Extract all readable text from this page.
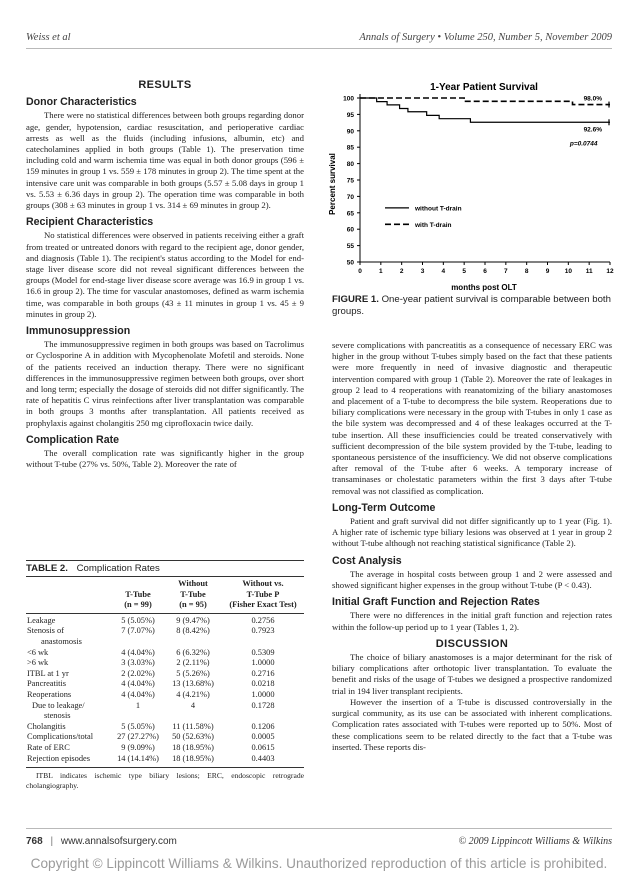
Weiss et al	Annals of Surgery • Volume 250, Number 5, November 2009
RESULTS
Donor Characteristics

There were no statistical differences between both groups regarding donor age, gender, hypotension, cardiac resuscitation, and perioperative cardiac arrests as well as the fluids (including infusions, albumin, etc) and catecholamines applied in both groups (Table 1). The preservation time including cold and warm ischemia time was equal in both donor groups (596 ± 159 minutes in group 1 vs. 559 ± 178 minutes in group 2). The time spent at the intensive care unit was comparable in both groups (5.57 ± 5.08 days in group 1 vs. 5.53 ± 6.36 days in group 2). The operation time was comparable in both groups (308 ± 63 minutes in group 1 vs. 314 ± 69 minutes in group 2).

Recipient Characteristics

No statistical differences were observed in patients receiving either a graft from treated or untreated donors with regard to the recipient age, donor gender, and diagnosis (Table 1). The recipient's status according to the Model for end-stage liver disease score did not reveal significant differences between the groups (Model for end-stage liver disease score average was 16.9 in group 1 vs. 16.6 in group 2). The time for vascular anastomoses, defined as warm ischemia time, was comparable in both groups (43 ± 11 minutes in group 1 vs. 45 ± 9 minutes in group 2).

Immunosuppression

The immunosuppressive regimen in both groups was based on Tacrolimus or Cyclosporine A in addition with Mycophenolate Mofetil and steroids. None of the patients received an induction therapy. There were no significant differences in the immunosuppressive regimen between both groups, over short and long term; especially the dosage of steroids did not differ significantly. The rate of hepatitis C virus reinfections after liver transplantation was comparable in both groups 3 months after transplantation. All patients received as prophylaxis against cholangitis 250 mg ciprofloxacin twice daily.

Complication Rate

The overall complication rate was significantly higher in the group without T-tube (27% vs. 50%, Table 2). Moreover the rate of

TABLE 2. Complication Rates
		Without	Without vs.
	T-Tube	T-Tube	T-Tube P
	(n = 99)	(n = 95)	(Fisher Exact Test)

Leakage	5 (5.05%)	9 (9.47%)	0.2756
Stenosis of
anastomosis	7 (7.07%)	8 (8.42%)	0.7923
<6 wk	4 (4.04%)	6 (6.32%)	0.5309
>6 wk	3 (3.03%)	2 (2.11%)	1.0000
ITBL at 1 yr	2 (2.02%)	5 (5.26%)	0.2716
Pancreatitis	4 (4.04%)	13 (13.68%)	0.0218
Reoperations	4 (4.04%)	4 (4.21%)	1.0000
Due to leakage/
stenosis	1	4	0.1728
Cholangitis	5 (5.05%)	11 (11.58%)	0.1206
Complications/total	27 (27.27%)	50 (52.63%)	0.0005
Rate of ERC	9 (9.09%)	18 (18.95%)	0.0615
Rejection episodes	14 (14.14%)	18 (18.95%)	0.4403

ITBL indicates ischemic type biliary lesions; ERC, endoscopic retrograde cholangiography.

1-Year Patient Survival
50
55
60
65
70
75
80
85
90
95
100
0	1	2	3	4	5	6	7	8	9 10 11 12
92.6%
98.0%
p=0.0744
without T-drain
with T-drain
months post OLT
Percent survival
FIGURE 1. One-year patient survival is comparable between both groups.

severe complications with pancreatitis as a consequence of necessary ERC was higher in the group without T-tubes simply based on the fact that these patients were more frequently in need of invasive diagnostic and therapeutic intervention compared with group 1 (Table 2). Moreover the rate of leakages in group 2 lead to 4 reoperations with reanatomizing of the biliary anastomoses and placement of a T-tube to decompress the bile system. Reoperations due to biliary complications were necessary in the group with T-tubes in only 1 case as the bile system was decompressed and 4 of these leakages occurred at the T-tube insertion. All these insufficiencies could be treated conservatively with sufficient decompression of the bile system provided by the T-tube, leading to spontaneous persistence of the insufficiency. We did not observe complications after removal of the T-tube after 6 weeks. A temporary increase of transaminases or cholestatic parameters within the first 3 days after T-tube removal was not classified as complication.

Long-Term Outcome

Patient and graft survival did not differ significantly up to 1 year (Fig. 1). A higher rate of ischemic type biliary lesions was observed at 1 year in group 2 without T-tube although not reaching statistical significance (Table 2).

Cost Analysis

The average in hospital costs between group 1 and 2 were assessed and showed significant higher expenses in the group without T-tube (P < 0.43).

Initial Graft Function and Rejection Rates

There were no differences in the initial graft function and rejection rates within the follow-up period up to 1 year (Tables 1, 2).

DISCUSSION

The choice of biliary anastomoses is a major determinant for the risk of biliary complications after orthotopic liver transplantation. To evaluate the benefit and risks of the usage of T-tubes we designed a prospective randomized trial in 194 liver transplant recipients.

However the insertion of a T-tube is discussed controversially in the surgical community, as its use can be associated with inherent complications. Complication rates associated with T-tubes were reported up to 50%. Most of these complications seem to be related directly to the fact that a T-tube was inserted. These reports dis-

768 | www.annalsofsurgery.com	© 2009 Lippincott Williams & Wilkins
Copyright © Lippincott Williams & Wilkins. Unauthorized reproduction of this article is prohibited.
